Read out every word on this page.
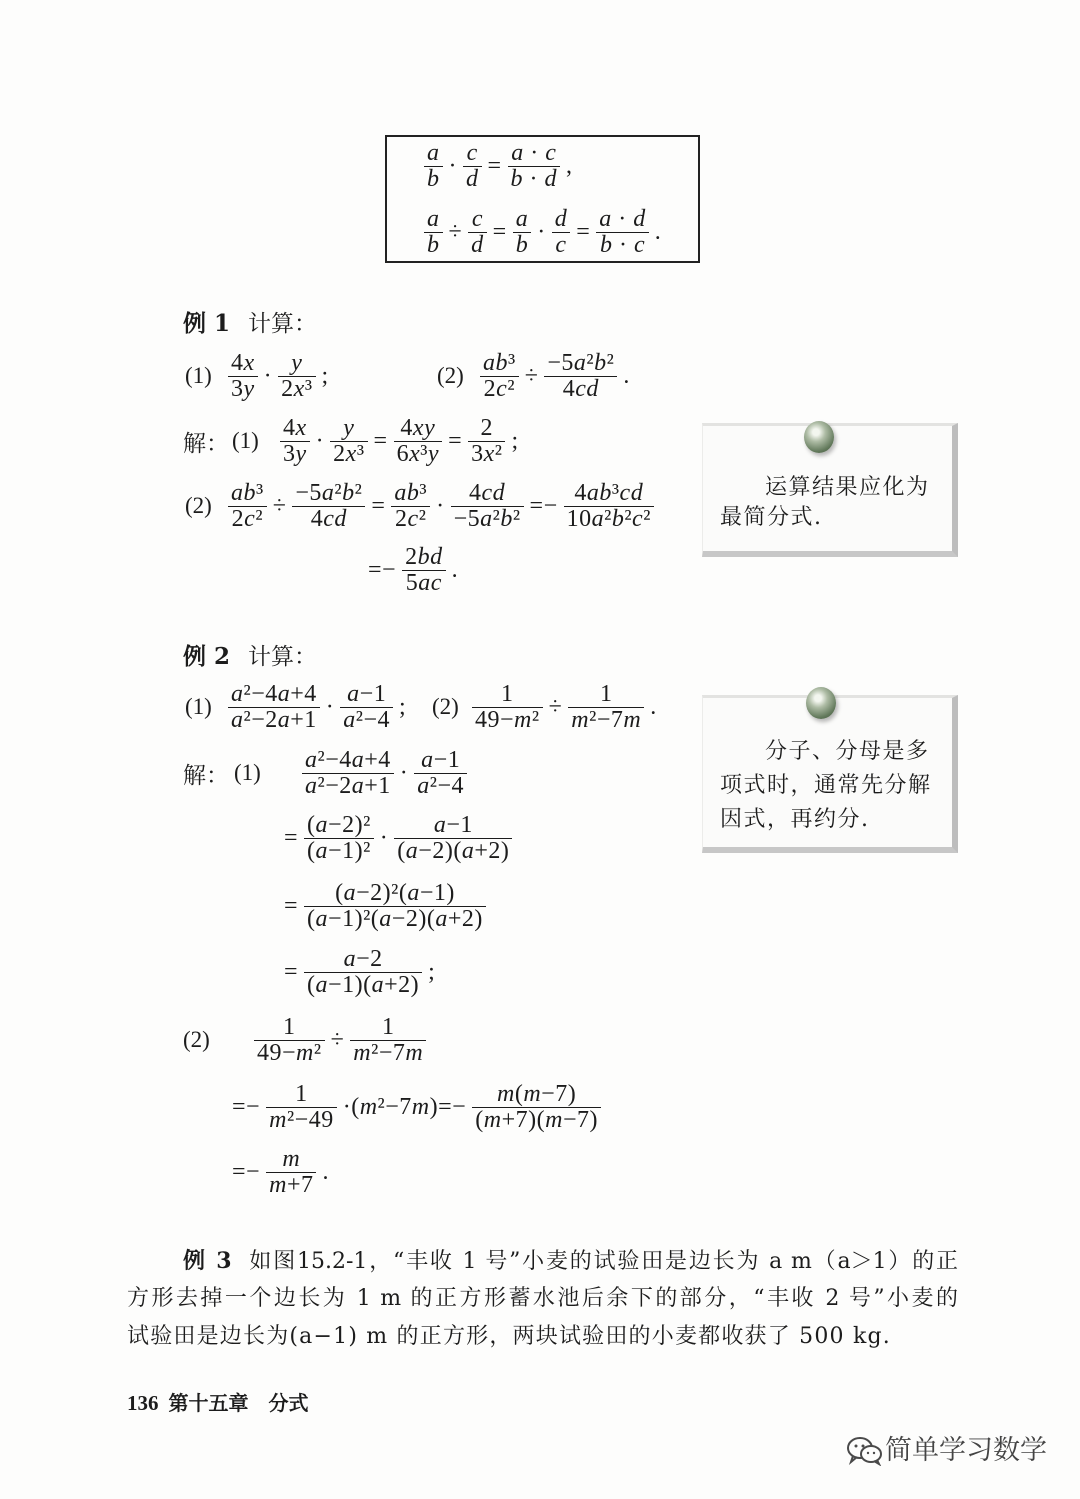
$\frac{a}{b} \cdot \frac{c}{d} = \frac{a \cdot c}{b \cdot d}$ ,
$\frac{a}{b} \div \frac{c}{d} = \frac{a}{b} \cdot \frac{d}{c} = \frac{a \cdot d}{b \cdot c}$ .
例 1 计算：
$(1) \frac{4x}{3y} \cdot \frac{y}{\text{2x³}}$ ;	$(2) \frac{\text{ab³}}{\text{2c²}} \div \frac{\text{−5a²b²}}{4cd}$ .
解： $(1) \frac{4x}{3y} \cdot \frac{y}{\text{2x³}} = \frac{4xy}{\text{6x³y}} = \frac{2}{\text{3x²}}$ ;
$(2) \frac{\text{ab³}}{\text{2c²}} \div \frac{\text{−5a²b²}}{4cd} = \frac{\text{ab³}}{\text{2c²}} \cdot \frac{4cd}{\text{−5a²b²}} =- \frac{\text{4ab³cd}}{\text{10a²b²c²}}$
=− $\frac{2bd}{5ac}$ .
运算结果应化为
最简分式.
例 2 计算：
$(1) \frac{\text{a²−4a+4}}{\text{a²−2a+1}} \cdot \frac{a-1}{\text{a²−4}}$ ; $(2) \frac{1}{\text{49−m²}} \div \frac{1}{\text{m²−7m}}$ .
解： $(1) \frac{\text{a²−4a+4}}{\text{a²−2a+1}} \cdot \frac{a-1}{\text{a²−4}}$
= $\frac{\text{(a−2)²}}{\text{(a−1)²}} \cdot \frac{a-1}{(a-2)(a+2)}$
= $\frac{\text{(a−2)²(a−1)}}{\text{(a−1)²(a−2)(a+2)}}$
= $\frac{a-2}{(a-1)(a+2)}$ ;
$(2) \frac{1}{\text{49−m²}} \div \frac{1}{\text{m²−7m}}$
=− $\frac{1}{\text{m²−49}} \cdot(m^2-7m)=- \frac{m(m-7)}{(m+7)(m-7)}$
=− $\frac{m}{m+7}$ .
分子、分母是多
项式时，通常先分解
因式，再约分.
例 3 如图15.2-1，“丰收 1 号”小麦的试验田是边长为 a m（a＞1）的正
方形去掉一个边长为 1 m 的正方形蓄水池后余下的部分，“丰收 2 号”小麦的
试验田是边长为(a−1) m 的正方形，两块试验田的小麦都收获了 500 kg.
136 第十五章 分式
简单学习数学
